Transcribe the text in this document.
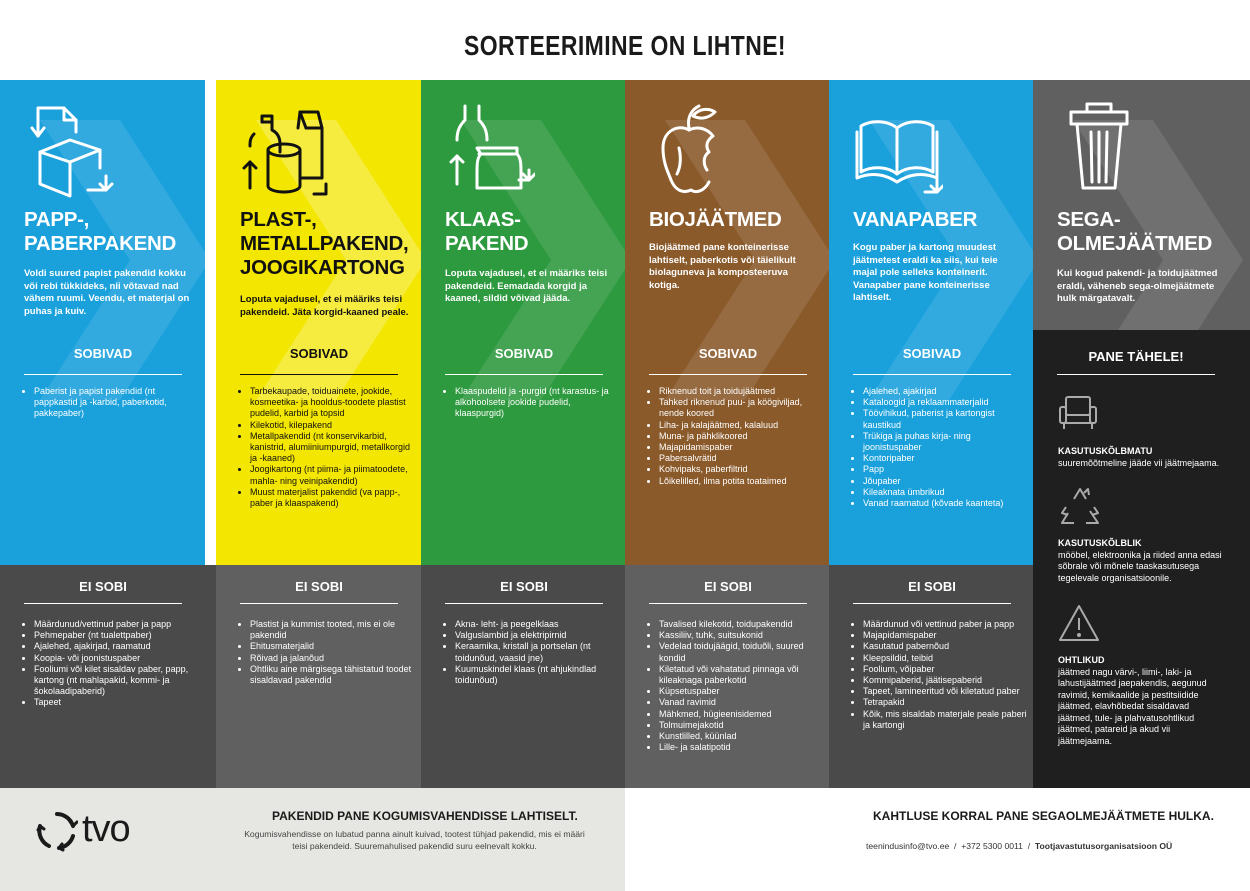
SORTEERIMINE ON LIHTNE!
PAPP-, PABERPAKEND
Voldi suured papist pakendid kokku või rebi tükkideks, nii võtavad nad vähem ruumi. Veendu, et materjal on puhas ja kuiv.
SOBIVAD
• Paberist ja papist pakendid (nt pappkastid ja -karbid, paberkotid, pakkepaber)
PLAST-, METALLPAKEND, JOOGIKARTONG
Loputa vajadusel, et ei määriks teisi pakendeid. Jäta korgid-kaaned peale.
SOBIVAD
• Tarbekaupade, toiduainete, jookide, kosmeetika- ja hooldus-toodete plastist pudelid, karbid ja topsid
• Kilekotid, kilepakend
• Metallpakendid (nt konservikarbid, kanistrid, alumiiniumpurgid, metallkorgid ja -kaaned)
• Joogikartong (nt piima- ja piimatoodete, mahla- ning veinipakendid)
• Muust materjalist pakendid (va papp-, paber ja klaaspakend)
KLAAS-PAKEND
Loputa vajadusel, et ei määriks teisi pakendeid. Eemadada korgid ja kaaned, sildid võivad jääda.
SOBIVAD
• Klaaspudelid ja -purgid (nt karastus- ja alkohoolsete jookide pudelid, klaaspurgid)
BIOJÄÄTMED
Biojäätmed pane konteinerisse lahtiselt, paberkotis või täielikult biolaguneva ja komposteeruva kotiga.
SOBIVAD
• Riknenud toit ja toidujäätmed
• Tahked riknenud puu- ja köögiviljad, nende koored
• Liha- ja kalajäätmed, kalaluud
• Muna- ja pähklikoored
• Majapidamispaber
• Pabersalvrätid
• Kohvipaks, paberfiltrid
• Lõikelilled, ilma potita toataimed
VANAPABER
Kogu paber ja kartong muudest jäätmetest eraldi ka siis, kui teie majal pole selleks konteinerit. Vanapaber pane konteinerisse lahtiselt.
SOBIVAD
• Ajalehed, ajakirjad
• Kataloogid ja reklaammaterjalid
• Töövihikud, paberist ja kartongist kaustikud
• Trükiga ja puhas kirja- ning joonistuspaber
• Kontoripaber
• Papp
• Jõupaber
• Kileaknata ümbrikud
• Vanad raamatud (kõvade kaanteta)
SEGA-OLMEJÄÄTMED
Kui kogud pakendi- ja toidujäätmed eraldi, väheneb sega-olmejäätmete hulk märgatavalt.
PANE TÄHELE!
KASUTUSKÕLBMATU
suuremõõtmeline jääde vii jäätmejaama.
KASUTUSKÕLBLIK
mööbel, elektroonika ja riided anna edasi sõbrale või mõnele taaskasutusega tegelevale organisatsioonile.
OHTLIKUD
jäätmed nagu värvi-, liimi-, laki- ja lahustijäätmed jaepakendis, aegunud ravimid, kemikaalide ja pestitsiidide jäätmed, elavhõbedat sisaldavad jäätmed, tule- ja plahvatusohtlikud jäätmed, patareid ja akud vii jäätmejaama.
EI SOBI
• Määrdunud/vettinud paber ja papp
• Pehmepaber (nt tualettpaber)
• Ajalehed, ajakirjad, raamatud
• Koopia- või joonistuspaber
• Fooliumi või kilet sisaldav paber, papp, kartong (nt mahlapakid, kommi- ja šokolaadipaberid)
• Tapeet
EI SOBI
• Plastist ja kummist tooted, mis ei ole pakendid
• Ehitusmaterjalid
• Rõivad ja jalanõud
• Ohtliku aine märgisega tähistatud toodet sisaldavad pakendid
EI SOBI
• Akna- leht- ja peegelklaas
• Valguslambid ja elektripirnid
• Keraamika, kristall ja portselan (nt toidunõud, vaasid jne)
• Kuumuskindel klaas (nt ahjukindlad toidunõud)
EI SOBI
• Tavalised kilekotid, toidupakendid
• Kassiliiv, tuhk, suitsukonid
• Vedelad toidujäägid, toiduõli, suured kondid
• Kiletatud või vahatatud pinnaga või kileaknaga paberkotid
• Küpsetuspaber
• Vanad ravimid
• Mähkmed, hügieenisidemed
• Tolmuimejakotid
• Kunstlilled, küünlad
• Lille- ja salatipotid
EI SOBI
• Määrdunud või vettinud paber ja papp
• Majapidamispaber
• Kasutatud pabernõud
• Kleepsildid, teibid
• Foolium, võipaber
• Kommipaberid, jäätisepaberid
• Tapeet, lamineeritud või kiletatud paber
• Tetrapakid
• Kõik, mis sisaldab materjale peale paberi ja kartongi
tvo	PAKENDID PANE KOGUMISVAHENDISSE LAHTISELT.
Kogumisvahendisse on lubatud panna ainult kuivad, tootest tühjad pakendid, mis ei määri teisi pakendeid. Suuremahulised pakendid suru eelnevalt kokku.
KAHTLUSE KORRAL PANE SEGAOLMEJÄÄTMETE HULKA.
teenindusinfo@tvo.ee / +372 5300 0011 / Tootjavastutusorganisatsioon OÜ
